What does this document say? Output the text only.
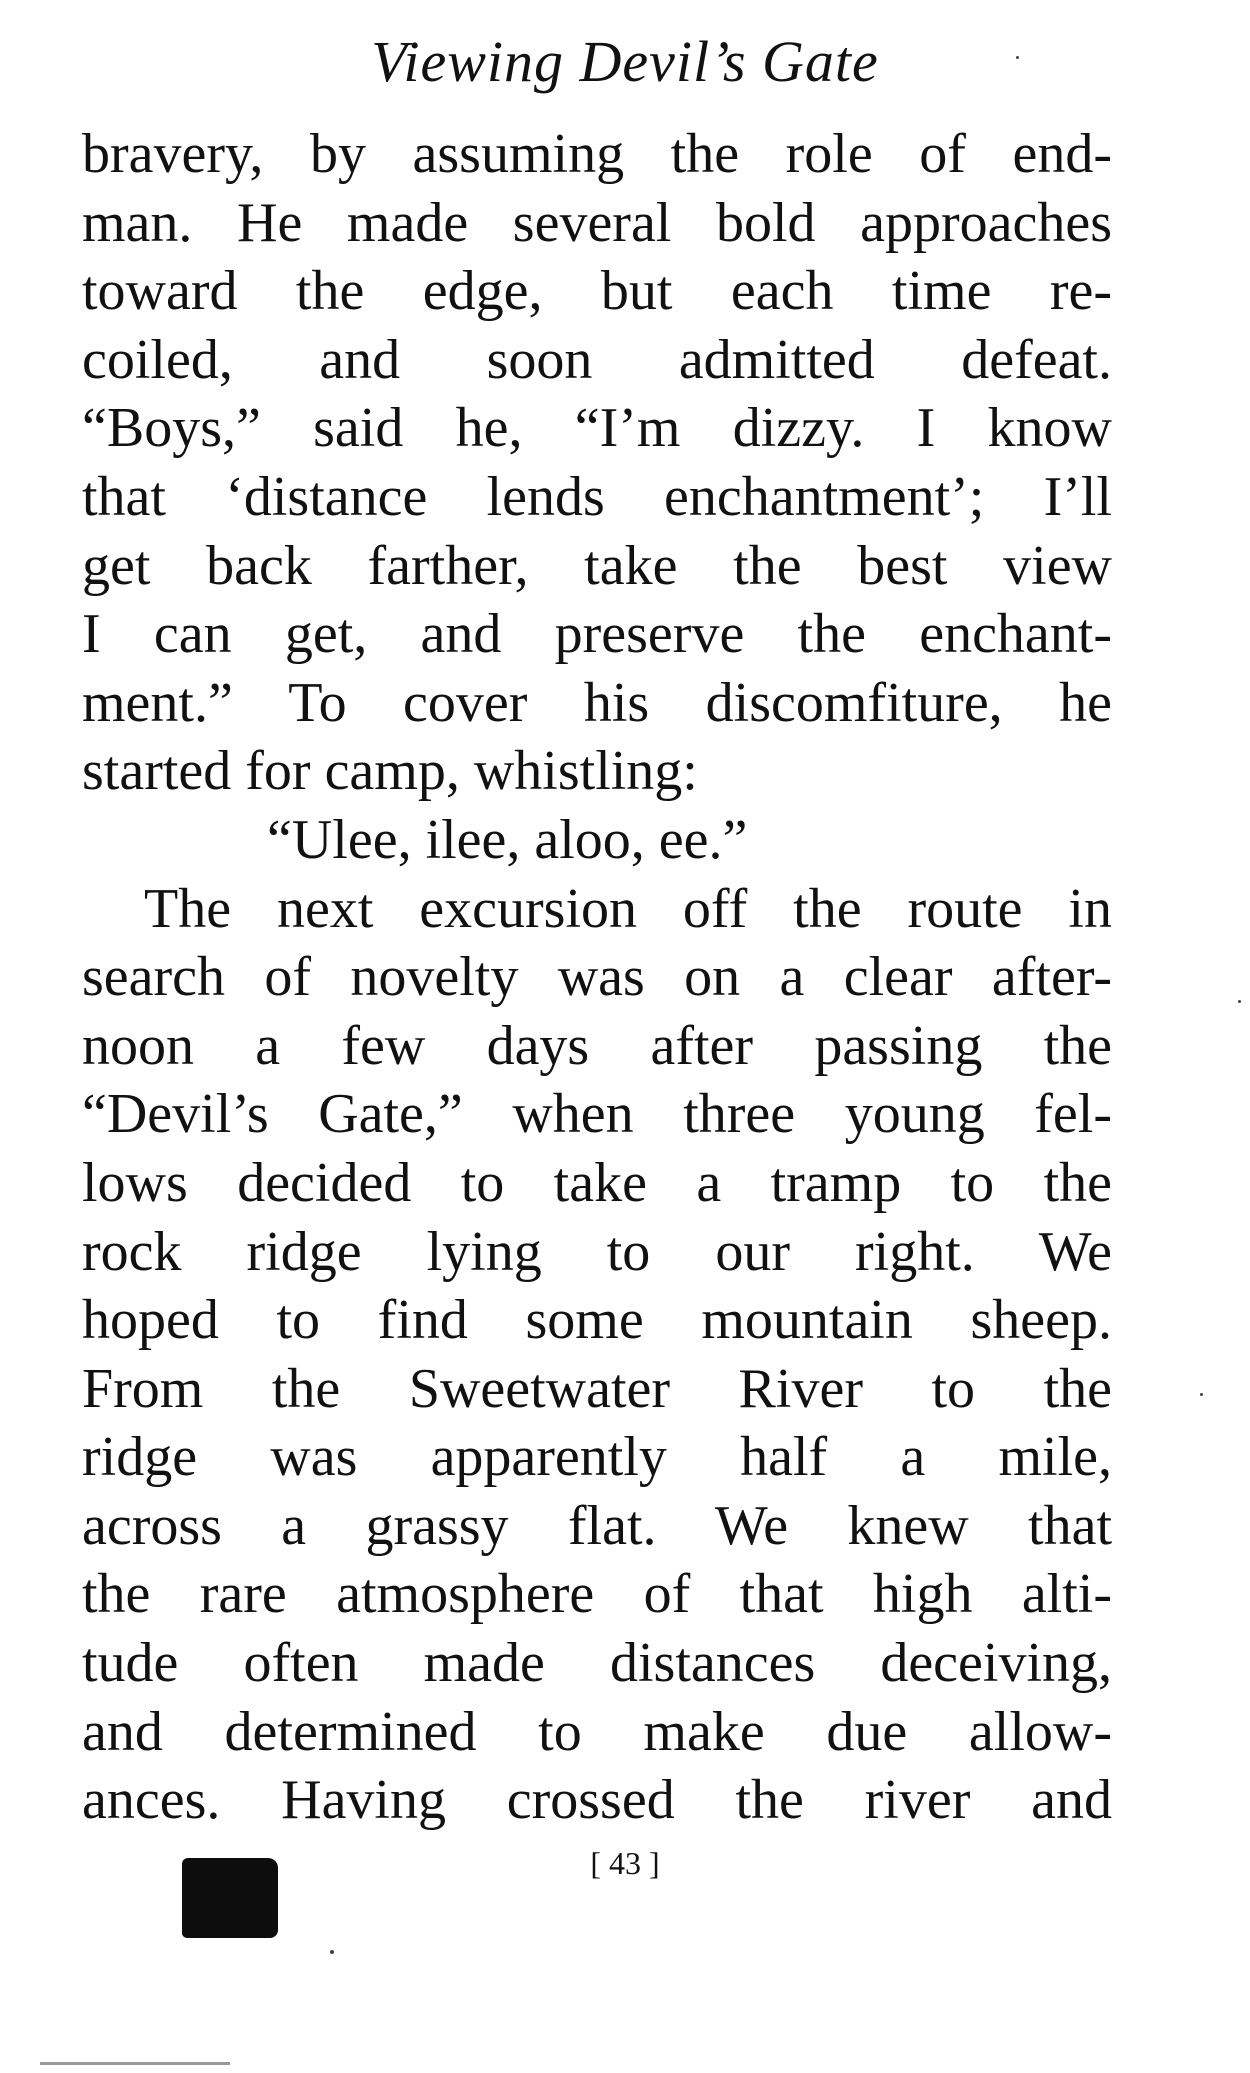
Viewing Devil’s Gate
bravery, by assuming the role of end-
man. He made several bold approaches
toward the edge, but each time re-
coiled, and soon admitted defeat.
“Boys,” said he, “I’m dizzy. I know
that ‘distance lends enchantment’; I’ll
get back farther, take the best view
I can get, and preserve the enchant-
ment.” To cover his discomfiture, he
started for camp, whistling:
“Ulee, ilee, aloo, ee.”
The next excursion off the route in
search of novelty was on a clear after-
noon a few days after passing the
“Devil’s Gate,” when three young fel-
lows decided to take a tramp to the
rock ridge lying to our right. We
hoped to find some mountain sheep.
From the Sweetwater River to the
ridge was apparently half a mile,
across a grassy flat. We knew that
the rare atmosphere of that high alti-
tude often made distances deceiving,
and determined to make due allow-
ances. Having crossed the river and
[ 43 ]
